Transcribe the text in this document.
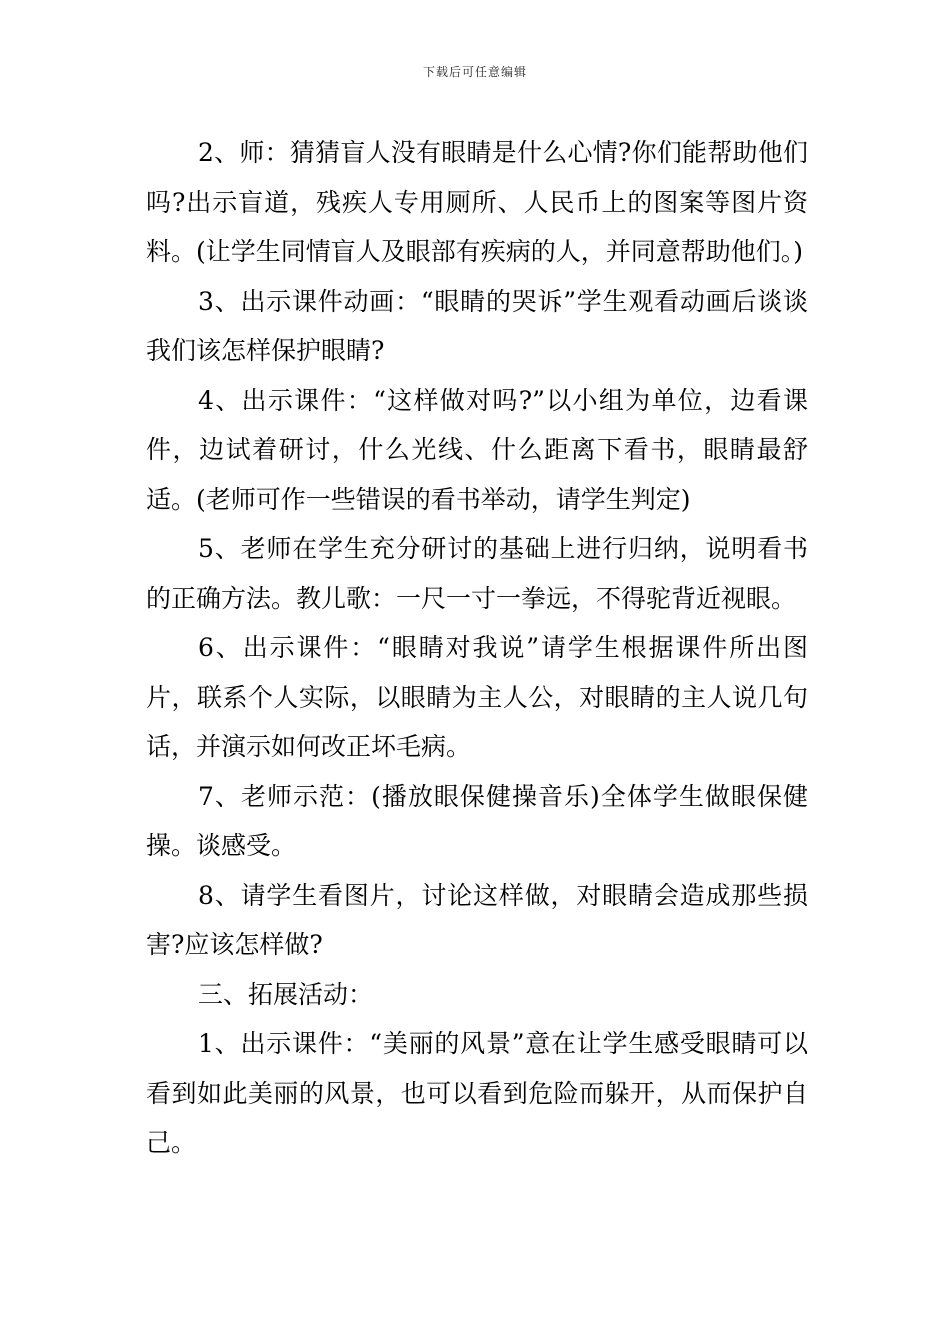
下载后可任意编辑

2、师：猜猜盲人没有眼睛是什么心情?你们能帮助他们吗?出示盲道，残疾人专用厕所、人民币上的图案等图片资料。(让学生同情盲人及眼部有疾病的人，并同意帮助他们。)

3、出示课件动画：“眼睛的哭诉”学生观看动画后谈谈我们该怎样保护眼睛?

4、出示课件：“这样做对吗?”以小组为单位，边看课件，边试着研讨，什么光线、什么距离下看书，眼睛最舒适。(老师可作一些错误的看书举动，请学生判定)

5、老师在学生充分研讨的基础上进行归纳，说明看书的正确方法。教儿歌：一尺一寸一拳远，不得驼背近视眼。

6、出示课件：“眼睛对我说”请学生根据课件所出图片，联系个人实际，以眼睛为主人公，对眼睛的主人说几句话，并演示如何改正坏毛病。

7、老师示范：(播放眼保健操音乐)全体学生做眼保健操。谈感受。

8、请学生看图片，讨论这样做，对眼睛会造成那些损害?应该怎样做?

三、拓展活动：

1、出示课件：“美丽的风景”意在让学生感受眼睛可以看到如此美丽的风景，也可以看到危险而躲开，从而保护自己。
